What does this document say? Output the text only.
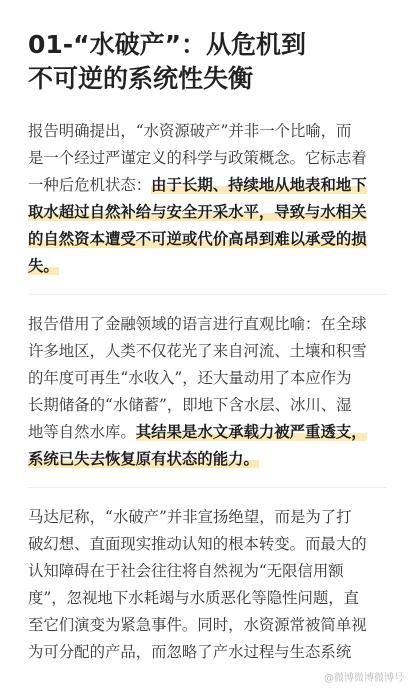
01-“水破产”：从危机到
不可逆的系统性失衡

报告明确提出，“水资源破产”并非一个比喻，而
是一个经过严谨定义的科学与政策概念。它标志着
一种后危机状态：由于长期、持续地从地表和地下
取水超过自然补给与安全开采水平，导致与水相关
的自然资本遭受不可逆或代价高昂到难以承受的损
失。

报告借用了金融领域的语言进行直观比喻：在全球
许多地区，人类不仅花光了来自河流、土壤和积雪
的年度可再生“水收入”，还大量动用了本应作为
长期储备的“水储蓄”，即地下含水层、冰川、湿
地等自然水库。其结果是水文承载力被严重透支，
系统已失去恢复原有状态的能力。

马达尼称，“水破产”并非宣扬绝望，而是为了打
破幻想、直面现实推动认知的根本转变。而最大的
认知障碍在于社会往往将自然视为“无限信用额
度”，忽视地下水耗竭与水质恶化等隐性问题，直
至它们演变为紧急事件。同时，水资源常被简单视
为可分配的产品，而忽略了产水过程与生态系统

@微博微博微博号
